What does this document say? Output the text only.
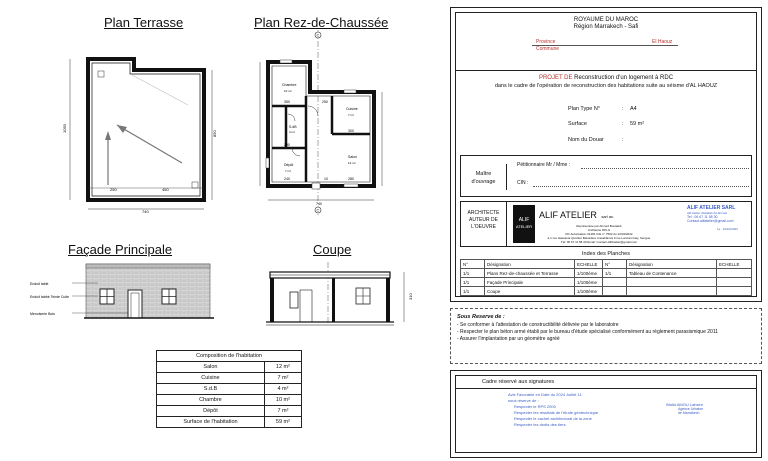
Plan Terrasse	Plan Rez-de-Chaussée
Façade Principale	Coupe
1050
850
740
250	450
C
C
Chambre
10 m²
Cuisine
7 m²
S.dB
4 m²
Dépôt
7 m²
Salon
12 m²
350	250
300
290
240	10	280
740
Enduit tablé
Enduit tabbé Teinte Cuite
Menuiserie Bois
310
Composition de l'habitation	
Salon	12 m²
Cuisine	7 m²
S.d.B	4 m²
Chambre	10 m²
Dépôt	7 m²
Surface de l'habitation	59 m²
ROYAUME DU MAROC
Région Marrakech - Safi
Province	El Haouz
Commune
PROJET DE Reconstruction d'un logement à RDC
dans le cadre de l'opération de reconstruction des habitations suite au séisme d'AL HAOUZ
Plan Type N°	: A4
Surface	: 59 m²
Nom du Douar	:
Maître d'ouvrage
Pétitionnaire Mr / Mme :
CIN :
ARCHITECTE AUTEUR DE L'OEUVRE
ALIF
ATELIER
ALIF ATELIER sarl au
Représentée par Ahmed Boutaleb
Architecte DPLG
RC Autorisation 31481 ICE n° 7592 du 10/04/2022
à 1 rue Hassania Quartier Belvédère Casablanca 9 rue Lamrani Hay, Sengue
Tél: 06 67 11 58 30 Email: Contact.AlifAtelier@gmail.com
ALIF ATELIER SARL
Alif Atelier Abdallah Ait Ahmed
Tel : 06 67 11 58 30
Contact.alifatelier@gmail.com
Le : 10/10/2023
Index des Planches
N°	Désignation	ECHELLE	N°	Désignation	ECHELLE
1/1	Plans Rez-de-chaussée et Terrasse	1/100ème	1/1	Tableau de Contenance	
1/1	Façade Principale	1/100ème			
1/1	Coupe	1/100ème			
Sous Reserve de :
- Se conformer à l'attestation de constructibilité délivrée par le laboratoire
- Respecter le plan béton armé établi par le bureau d'étude spécialisé conformément au règlement parasismique 2011
- Assurer l'implantation par un géomètre agréé
Cadre réservé aux signatures
Avis Favorable en Date du 2024 Juillet 11
sous réserve de :
Respecter le RPS 2000
Respecter les résultats de l'étude géotechnique
Respecter le cachet architectural de la zone
Respecter les droits des tiers
Walid AMOU Lahsen
Agence Urbaine
de Marrakech
